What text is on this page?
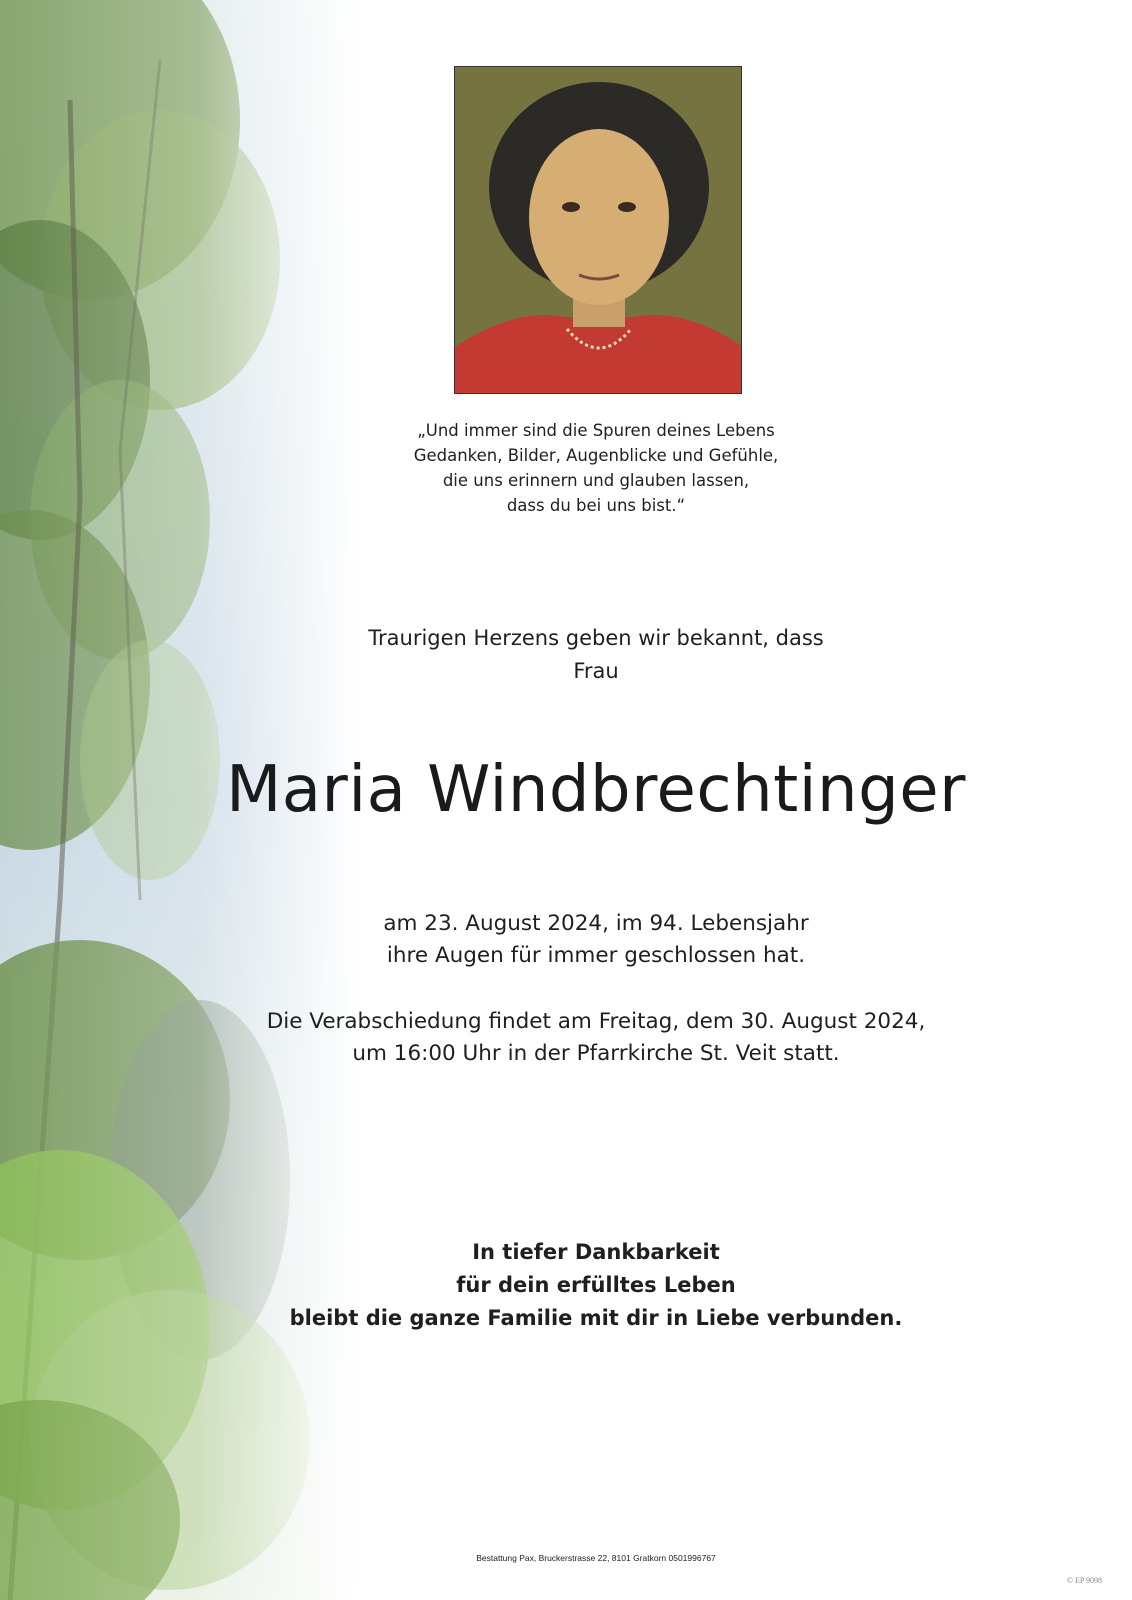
„Und immer sind die Spuren deines Lebens
Gedanken, Bilder, Augenblicke und Gefühle,
die uns erinnern und glauben lassen,
dass du bei uns bist.“
Traurigen Herzens geben wir bekannt, dass
Frau
Maria Windbrechtinger
am 23. August 2024, im 94. Lebensjahr
ihre Augen für immer geschlossen hat.
Die Verabschiedung findet am Freitag, dem 30. August 2024,
um 16:00 Uhr in der Pfarrkirche St. Veit statt.
In tiefer Dankbarkeit
für dein erfülltes Leben
bleibt die ganze Familie mit dir in Liebe verbunden.
Bestattung Pax, Bruckerstrasse 22, 8101 Gratkorn 0501996767
© EP 9098
